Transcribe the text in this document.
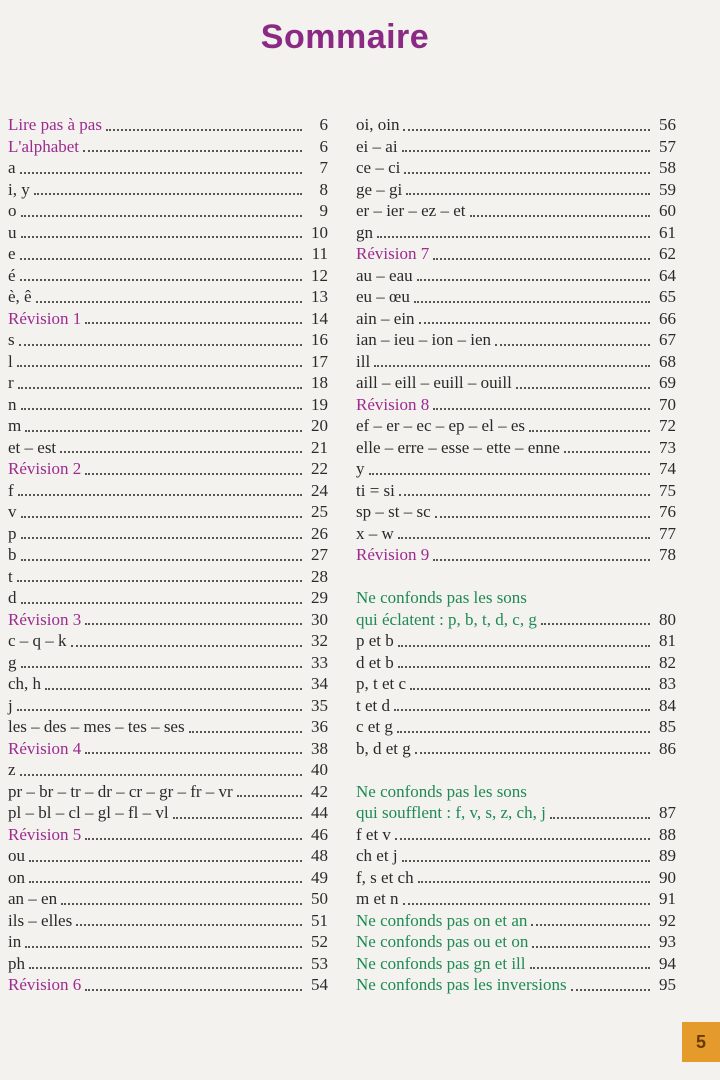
Sommaire
Lire pas à pas	6
L'alphabet	6
a	7
i, y	8
o	9
u	10
e	11
é	12
è, ê	13
Révision 1	14
s	16
l	17
r	18
n	19
m	20
et – est	21
Révision 2	22
f	24
v	25
p	26
b	27
t	28
d	29
Révision 3	30
c – q – k	32
g	33
ch, h	34
j	35
les – des – mes – tes – ses	36
Révision 4	38
z	40
pr – br – tr – dr – cr – gr – fr – vr	42
pl – bl – cl – gl – fl – vl	44
Révision 5	46
ou	48
on	49
an – en	50
ils – elles	51
in	52
ph	53
Révision 6	54
oi, oin	56
ei – ai	57
ce – ci	58
ge – gi	59
er – ier – ez – et	60
gn	61
Révision 7	62
au – eau	64
eu – œu	65
ain – ein	66
ian – ieu – ion – ien	67
ill	68
aill – eill – euill – ouill	69
Révision 8	70
ef – er – ec – ep – el – es	72
elle – erre – esse – ette – enne	73
y	74
ti = si	75
sp – st – sc	76
x – w	77
Révision 9	78
Ne confonds pas les sons
qui éclatent : p, b, t, d, c, g	80
p et b	81
d et b	82
p, t et c	83
t et d	84
c et g	85
b, d et g	86
Ne confonds pas les sons
qui soufflent : f, v, s, z, ch, j	87
f et v	88
ch et j	89
f, s et ch	90
m et n	91
Ne confonds pas on et an	92
Ne confonds pas ou et on	93
Ne confonds pas gn et ill	94
Ne confonds pas les inversions	95
5
